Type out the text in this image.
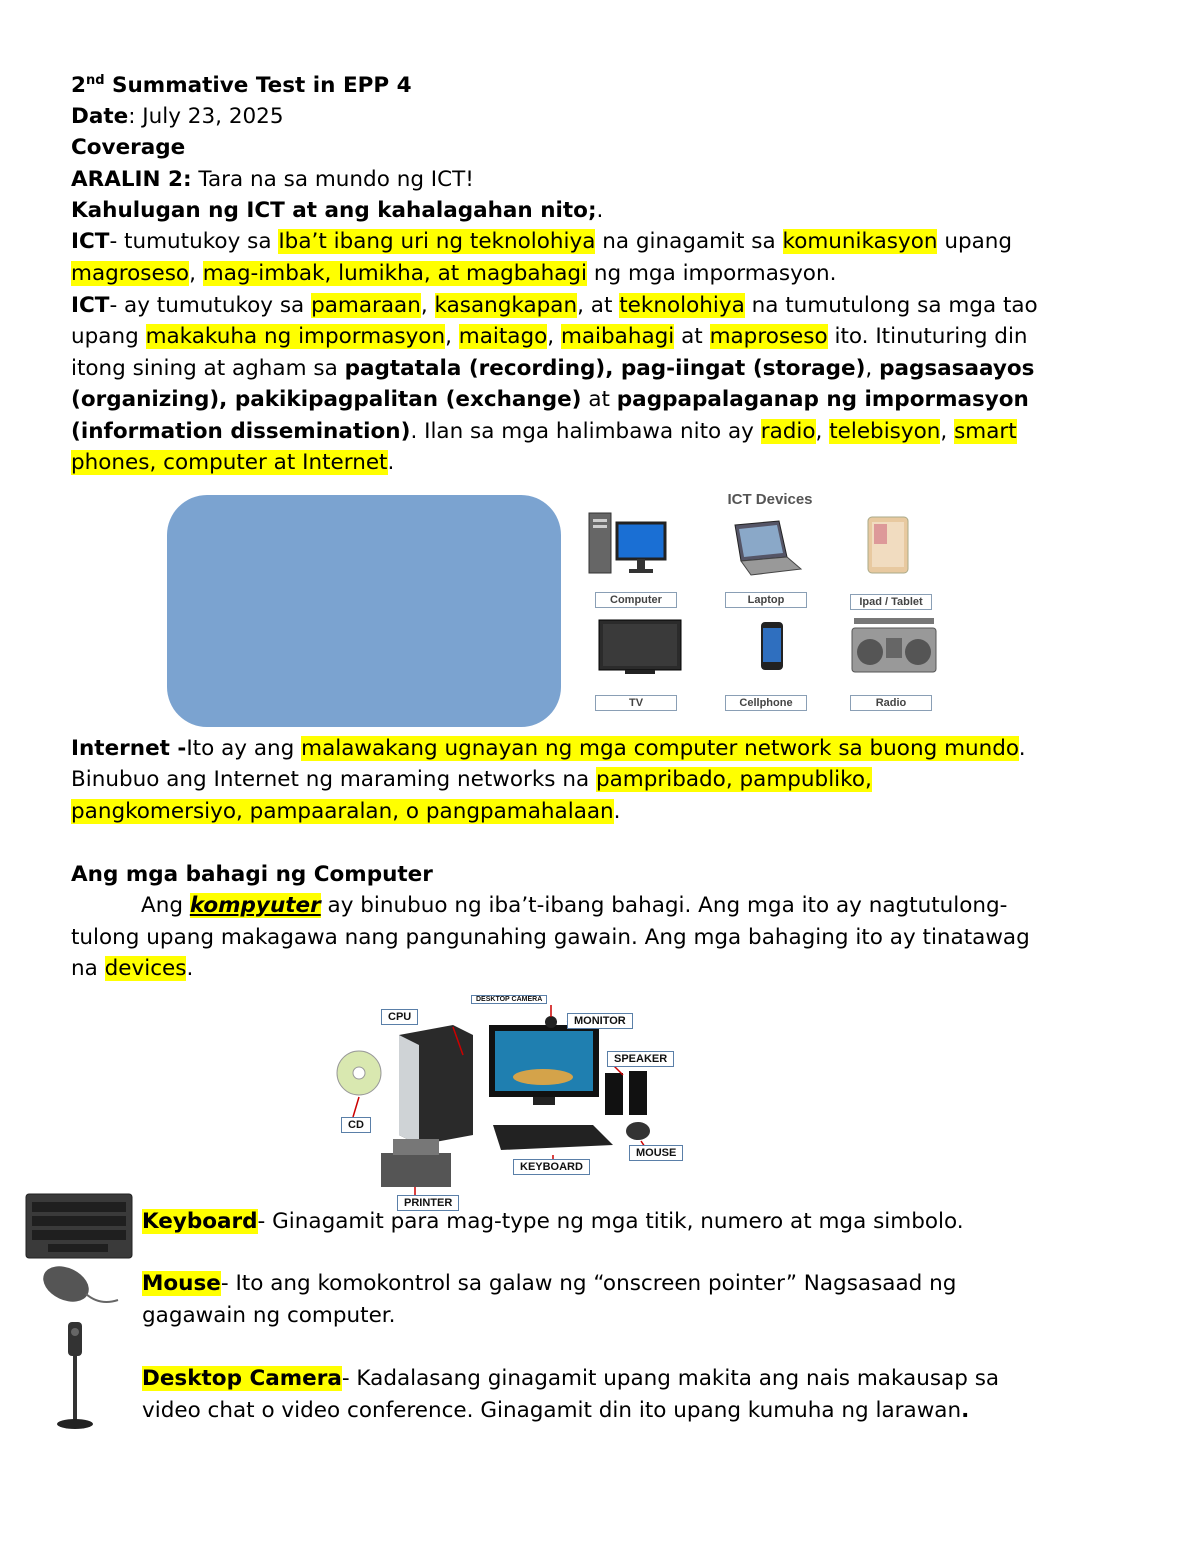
2nd Summative Test in EPP 4
Date: July 23, 2025
Coverage
ARALIN 2: Tara na sa mundo ng ICT!
Kahulugan ng ICT at ang kahalagahan nito;.
ICT- tumutukoy sa Iba’t ibang uri ng teknolohiya na ginagamit sa komunikasyon upang
magroseso, mag-imbak, lumikha, at magbahagi ng mga impormasyon.
ICT- ay tumutukoy sa pamaraan, kasangkapan, at teknolohiya na tumutulong sa mga tao
upang makakuha ng impormasyon, maitago, maibahagi at maproseso ito. Itinuturing din
itong sining at agham sa pagtatala (recording), pag-iingat (storage), pagsasaayos
(organizing), pakikipagpalitan (exchange) at pagpapalaganap ng impormasyon
(information dissemination). Ilan sa mga halimbawa nito ay radio, telebisyon, smart
phones, computer at Internet.
ICT Devices
Computer	Laptop	Ipad / Tablet
TV	Cellphone	Radio
Internet -Ito ay ang malawakang ugnayan ng mga computer network sa buong mundo.
Binubuo ang Internet ng maraming networks na pampribado, pampubliko,
pangkomersiyo, pampaaralan, o pangpamahalaan.
Ang mga bahagi ng Computer
Ang kompyuter ay binubuo ng iba’t-ibang bahagi. Ang mga ito ay nagtutulong-
tulong upang makagawa nang pangunahing gawain. Ang mga bahaging ito ay tinatawag
na devices.
CPU
DESKTOP CAMERA
MONITOR
SPEAKER
CD
KEYBOARD
MOUSE
PRINTER
Keyboard- Ginagamit para mag-type ng mga titik, numero at mga simbolo.
Mouse- Ito ang komokontrol sa galaw ng “onscreen pointer” Nagsasaad ng
gagawain ng computer.
Desktop Camera- Kadalasang ginagamit upang makita ang nais makausap sa
video chat o video conference. Ginagamit din ito upang kumuha ng larawan.
